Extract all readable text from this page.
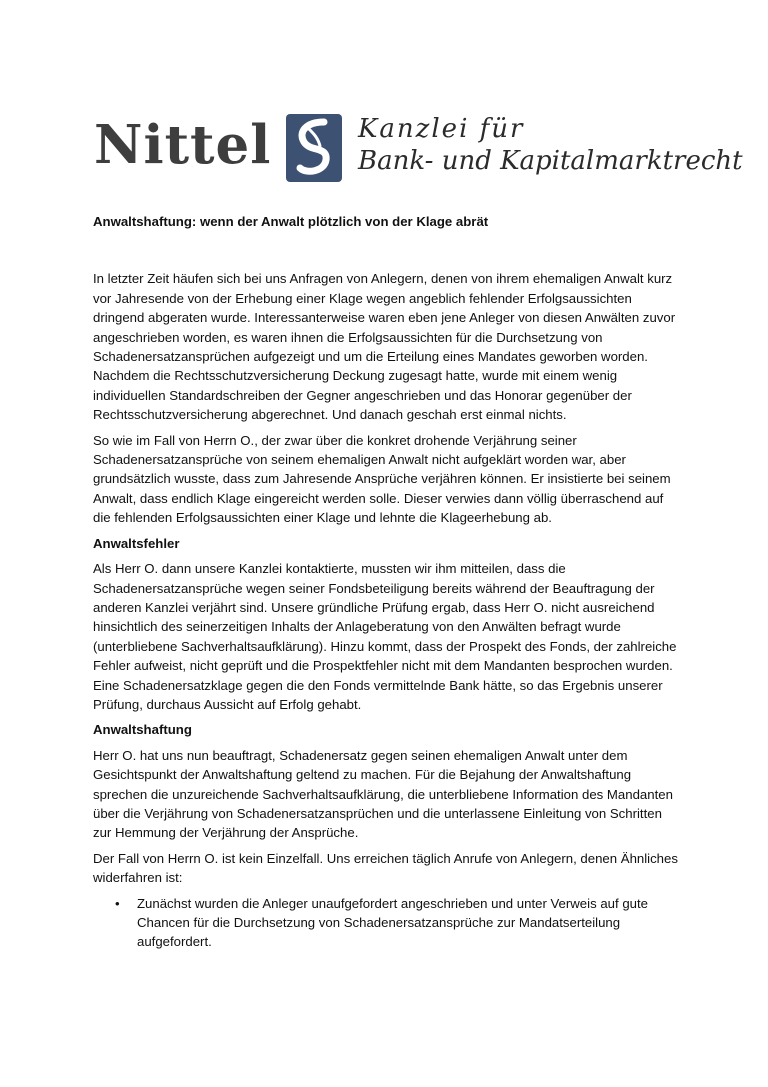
Nittel	Kanzlei für
Bank- und Kapitalmarktrecht

Anwaltshaftung: wenn der Anwalt plötzlich von der Klage abrät

In letzter Zeit häufen sich bei uns Anfragen von Anlegern, denen von ihrem ehemaligen Anwalt kurz vor Jahresende von der Erhebung einer Klage wegen angeblich fehlender Erfolgsaussichten dringend abgeraten wurde. Interessanterweise waren eben jene Anleger von diesen Anwälten zuvor angeschrieben worden, es waren ihnen die Erfolgsaussichten für die Durchsetzung von Schadenersatzansprüchen aufgezeigt und um die Erteilung eines Mandates geworben worden. Nachdem die Rechtsschutzversicherung Deckung zugesagt hatte, wurde mit einem wenig individuellen Standardschreiben der Gegner angeschrieben und das Honorar gegenüber der Rechtsschutzversicherung abgerechnet. Und danach geschah erst einmal nichts.

So wie im Fall von Herrn O., der zwar über die konkret drohende Verjährung seiner Schadenersatzansprüche von seinem ehemaligen Anwalt nicht aufgeklärt worden war, aber grundsätzlich wusste, dass zum Jahresende Ansprüche verjähren können. Er insistierte bei seinem Anwalt, dass endlich Klage eingereicht werden solle. Dieser verwies dann völlig überraschend auf die fehlenden Erfolgsaussichten einer Klage und lehnte die Klageerhebung ab.

Anwaltsfehler

Als Herr O. dann unsere Kanzlei kontaktierte, mussten wir ihm mitteilen, dass die Schadenersatzansprüche wegen seiner Fondsbeteiligung bereits während der Beauftragung der anderen Kanzlei verjährt sind. Unsere gründliche Prüfung ergab, dass Herr O. nicht ausreichend hinsichtlich des seinerzeitigen Inhalts der Anlageberatung von den Anwälten befragt wurde (unterbliebene Sachverhaltsaufklärung). Hinzu kommt, dass der Prospekt des Fonds, der zahlreiche Fehler aufweist, nicht geprüft und die Prospektfehler nicht mit dem Mandanten besprochen wurden. Eine Schadenersatzklage gegen die den Fonds vermittelnde Bank hätte, so das Ergebnis unserer Prüfung, durchaus Aussicht auf Erfolg gehabt.

Anwaltshaftung

Herr O. hat uns nun beauftragt, Schadenersatz gegen seinen ehemaligen Anwalt unter dem Gesichtspunkt der Anwaltshaftung geltend zu machen. Für die Bejahung der Anwaltshaftung sprechen die unzureichende Sachverhaltsaufklärung, die unterbliebene Information des Mandanten über die Verjährung von Schadenersatzansprüchen und die unterlassene Einleitung von Schritten zur Hemmung der Verjährung der Ansprüche.

Der Fall von Herrn O. ist kein Einzelfall. Uns erreichen täglich Anrufe von Anlegern, denen Ähnliches widerfahren ist:

• Zunächst wurden die Anleger unaufgefordert angeschrieben und unter Verweis auf gute Chancen für die Durchsetzung von Schadenersatzansprüche zur Mandatserteilung aufgefordert.
